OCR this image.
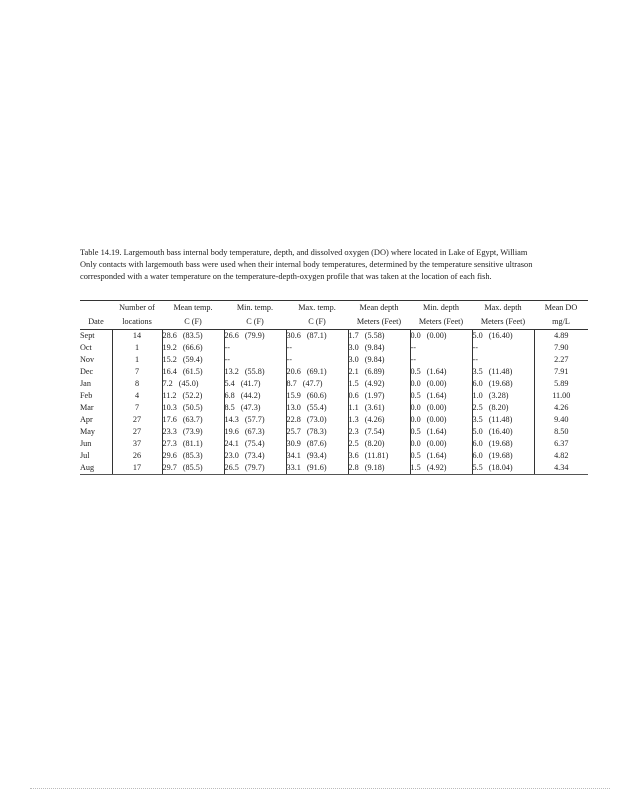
Table 14.19. Largemouth bass internal body temperature, depth, and dissolved oxygen (DO) where located in Lake of Egypt, William
Only contacts with largemouth bass were used when their internal body temperatures, determined by the temperature sensitive ultrason
corresponded with a water temperature on the temperature-depth-oxygen profile that was taken at the location of each fish.
	Number of	Mean temp.	Min. temp.	Max. temp.	Mean depth	Min. depth	Max. depth	Mean DO
Date	locations	C (F)	C (F)	C (F)	Meters (Feet)	Meters (Feet)	Meters (Feet)	mg/L
Sept	14	28.6 (83.5)	26.6 (79.9)	30.6 (87.1)	1.7 (5.58)	0.0 (0.00)	5.0 (16.40)	4.89
Oct	1	19.2 (66.6)	--	--	3.0 (9.84)	--	--	7.90
Nov	1	15.2 (59.4)	--	--	3.0 (9.84)	--	--	2.27
Dec	7	16.4 (61.5)	13.2 (55.8)	20.6 (69.1)	2.1 (6.89)	0.5 (1.64)	3.5 (11.48)	7.91
Jan	8	7.2 (45.0)	5.4 (41.7)	8.7 (47.7)	1.5 (4.92)	0.0 (0.00)	6.0 (19.68)	5.89
Feb	4	11.2 (52.2)	6.8 (44.2)	15.9 (60.6)	0.6 (1.97)	0.5 (1.64)	1.0 (3.28)	11.00
Mar	7	10.3 (50.5)	8.5 (47.3)	13.0 (55.4)	1.1 (3.61)	0.0 (0.00)	2.5 (8.20)	4.26
Apr	27	17.6 (63.7)	14.3 (57.7)	22.8 (73.0)	1.3 (4.26)	0.0 (0.00)	3.5 (11.48)	9.40
May	27	23.3 (73.9)	19.6 (67.3)	25.7 (78.3)	2.3 (7.54)	0.5 (1.64)	5.0 (16.40)	8.50
Jun	37	27.3 (81.1)	24.1 (75.4)	30.9 (87.6)	2.5 (8.20)	0.0 (0.00)	6.0 (19.68)	6.37
Jul	26	29.6 (85.3)	23.0 (73.4)	34.1 (93.4)	3.6 (11.81)	0.5 (1.64)	6.0 (19.68)	4.82
Aug	17	29.7 (85.5)	26.5 (79.7)	33.1 (91.6)	2.8 (9.18)	1.5 (4.92)	5.5 (18.04)	4.34
